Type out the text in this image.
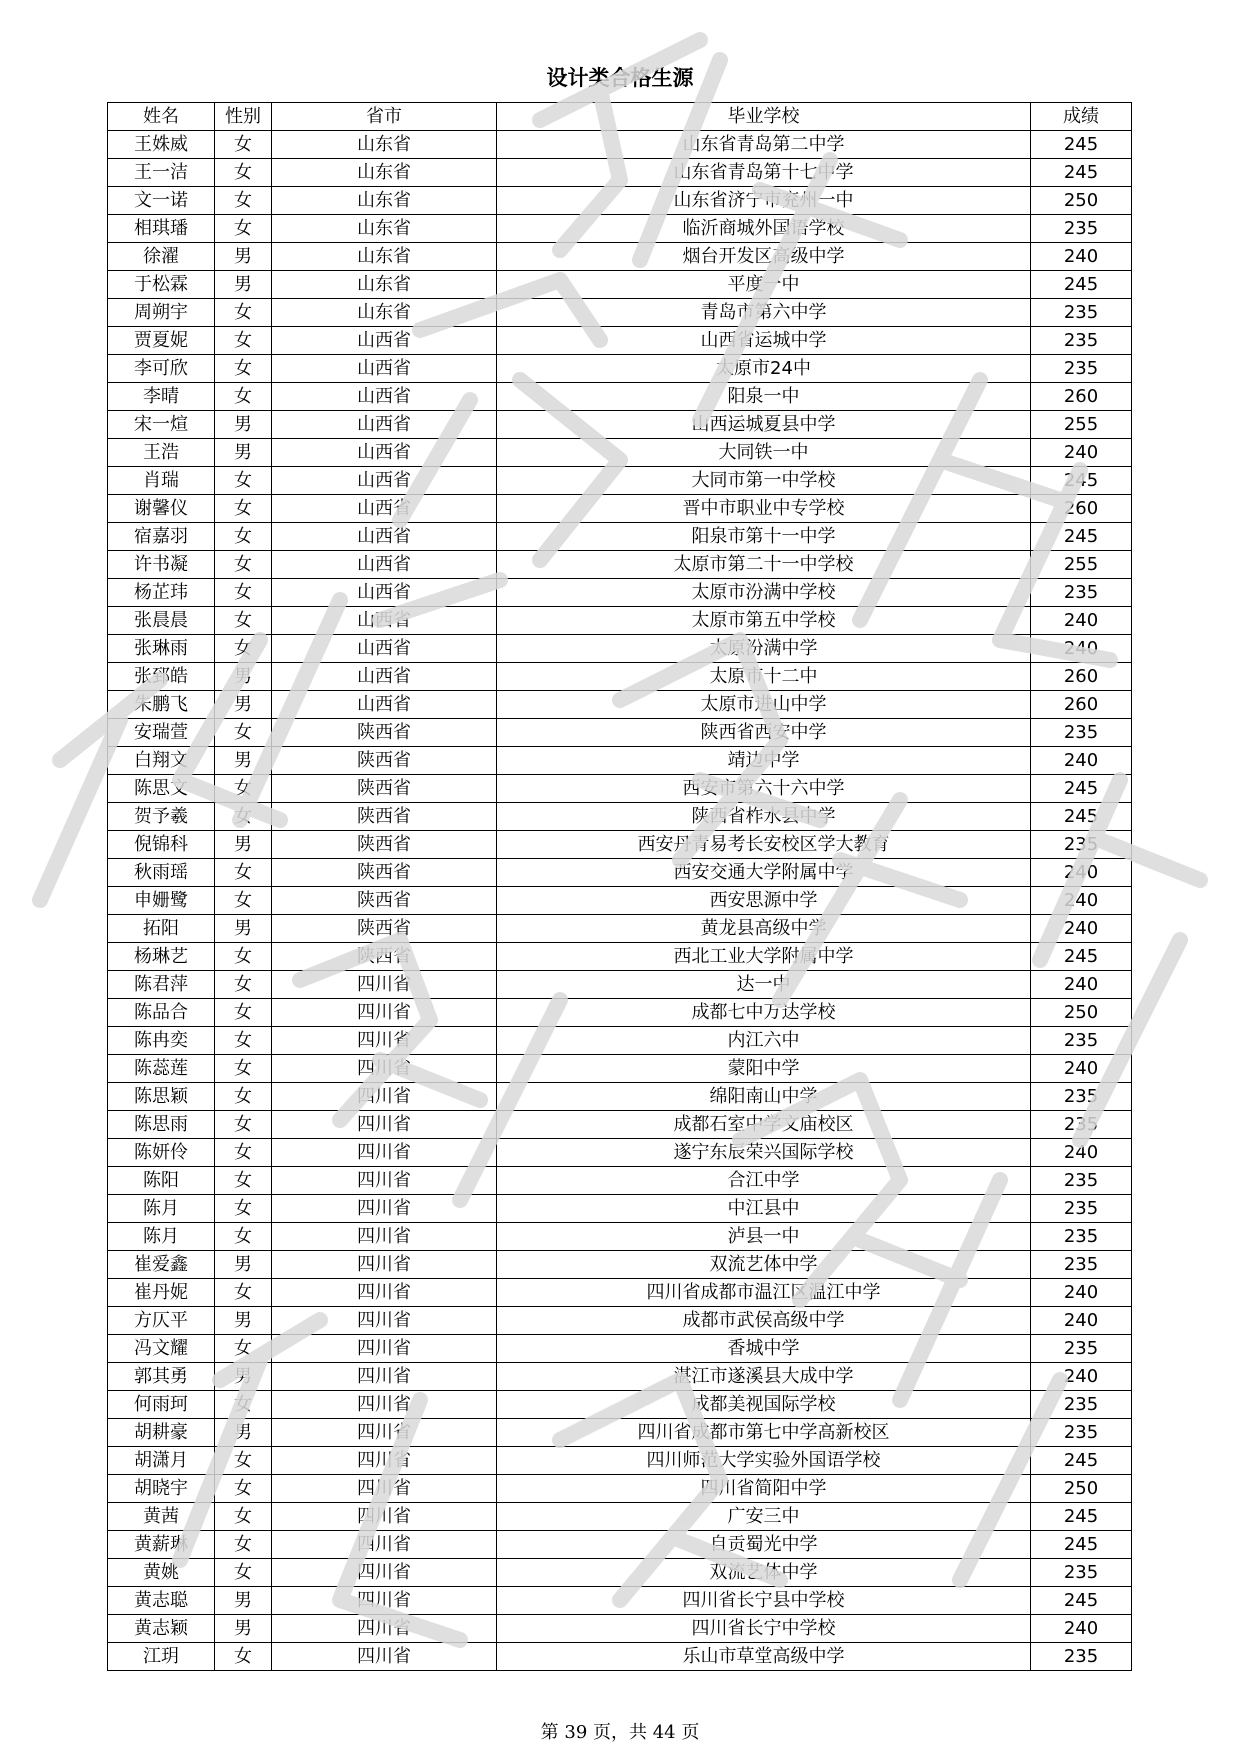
设计类合格生源
姓名	性别	省市	毕业学校	成绩
王姝威	女	山东省	山东省青岛第二中学	245
王一洁	女	山东省	山东省青岛第十七中学	245
文一诺	女	山东省	山东省济宁市兖州一中	250
相琪璠	女	山东省	临沂商城外国语学校	235
徐濯	男	山东省	烟台开发区高级中学	240
于松霖	男	山东省	平度一中	245
周朔宇	女	山东省	青岛市第六中学	235
贾夏妮	女	山西省	山西省运城中学	235
李可欣	女	山西省	太原市24中	235
李晴	女	山西省	阳泉一中	260
宋一煊	男	山西省	山西运城夏县中学	255
王浩	男	山西省	大同铁一中	240
肖瑞	女	山西省	大同市第一中学校	245
谢馨仪	女	山西省	晋中市职业中专学校	260
宿嘉羽	女	山西省	阳泉市第十一中学	245
许书凝	女	山西省	太原市第二十一中学校	255
杨芷玮	女	山西省	太原市汾满中学校	235
张晨晨	女	山西省	太原市第五中学校	240
张琳雨	女	山西省	太原汾满中学	240
张郅皓	男	山西省	太原市十二中	260
朱鹏飞	男	山西省	太原市进山中学	260
安瑞萱	女	陕西省	陕西省西安中学	235
白翔文	男	陕西省	靖边中学	240
陈思文	女	陕西省	西安市第六十六中学	245
贺予羲	女	陕西省	陕西省柞水县中学	245
倪锦科	男	陕西省	西安丹青易考长安校区学大教育	235
秋雨瑶	女	陕西省	西安交通大学附属中学	240
申姗鹭	女	陕西省	西安思源中学	240
拓阳	男	陕西省	黄龙县高级中学	240
杨琳艺	女	陕西省	西北工业大学附属中学	245
陈君萍	女	四川省	达一中	240
陈品合	女	四川省	成都七中万达学校	250
陈冉奕	女	四川省	内江六中	235
陈蕊莲	女	四川省	蒙阳中学	240
陈思颖	女	四川省	绵阳南山中学	235
陈思雨	女	四川省	成都石室中学文庙校区	235
陈妍伶	女	四川省	遂宁东辰荣兴国际学校	240
陈阳	女	四川省	合江中学	235
陈月	女	四川省	中江县中	235
陈月	女	四川省	泸县一中	235
崔爱鑫	男	四川省	双流艺体中学	235
崔丹妮	女	四川省	四川省成都市温江区温江中学	240
方仄平	男	四川省	成都市武侯高级中学	240
冯文耀	女	四川省	香城中学	235
郭其勇	男	四川省	湛江市遂溪县大成中学	240
何雨珂	女	四川省	成都美视国际学校	235
胡耕豪	男	四川省	四川省成都市第七中学高新校区	235
胡潇月	女	四川省	四川师范大学实验外国语学校	245
胡晓宇	女	四川省	四川省简阳中学	250
黄茜	女	四川省	广安三中	245
黄薪琳	女	四川省	自贡蜀光中学	245
黄姚	女	四川省	双流艺体中学	235
黄志聪	男	四川省	四川省长宁县中学校	245
黄志颖	男	四川省	四川省长宁中学校	240
江玥	女	四川省	乐山市草堂高级中学	235
第 39 页，共 44 页
